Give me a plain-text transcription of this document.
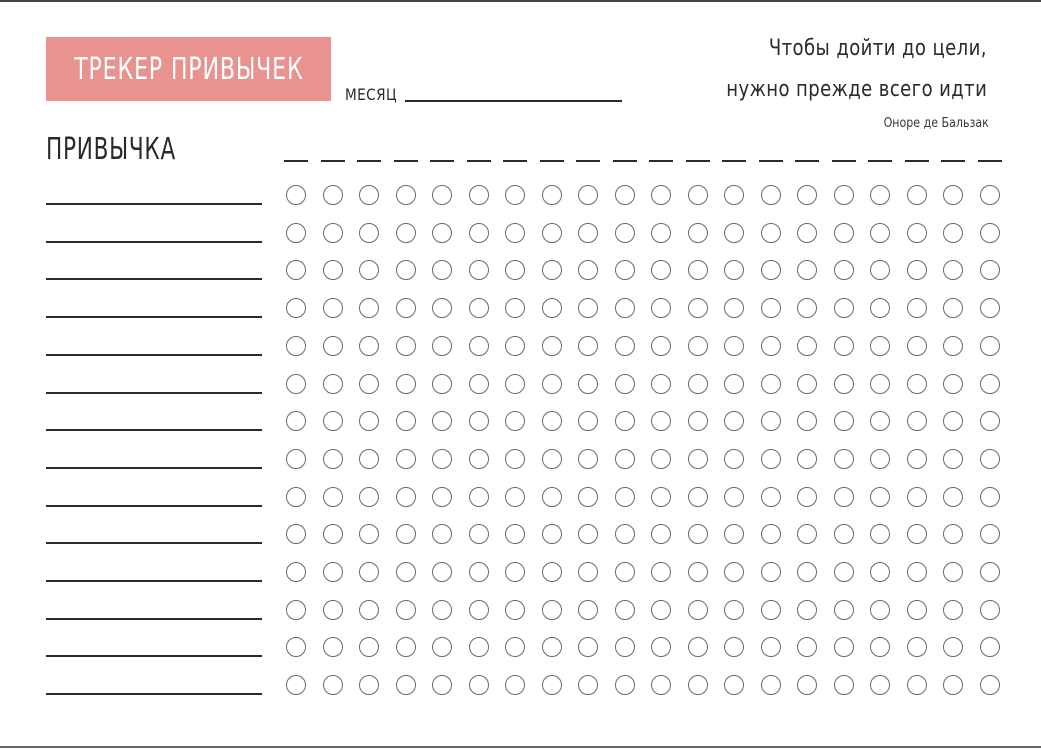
ТРЕКЕР ПРИВЫЧЕК
МЕСЯЦ
Чтобы дойти до цели,
нужно прежде всего идти
Оноре де Бальзак
ПРИВЫЧКА
